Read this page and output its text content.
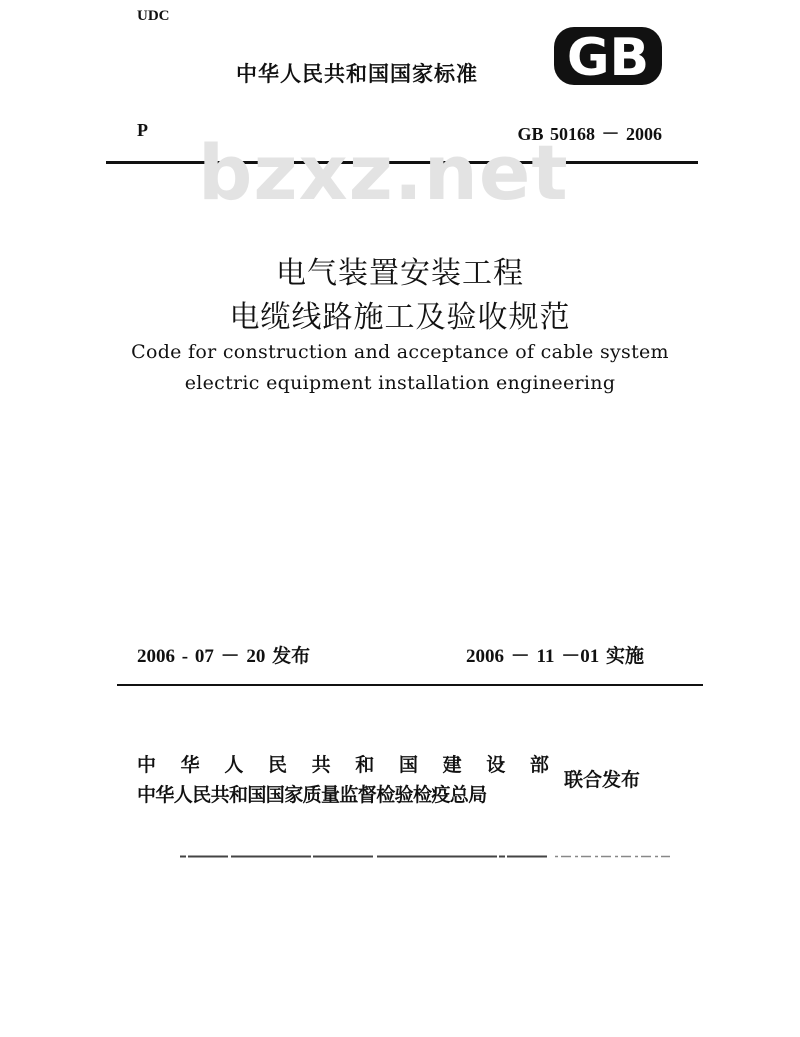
UDC
中华人民共和国国家标准 GB
P	GB 50168 － 2006
bzxz.net
电气装置安装工程
电缆线路施工及验收规范
Code for construction and acceptance of cable system
electric equipment installation engineering
2006 - 07 － 20 发布	2006 － 11 －01 实施
中 华 人 民 共 和 国 建 设 部
中华人民共和国国家质量监督检验检疫总局
联合发布
